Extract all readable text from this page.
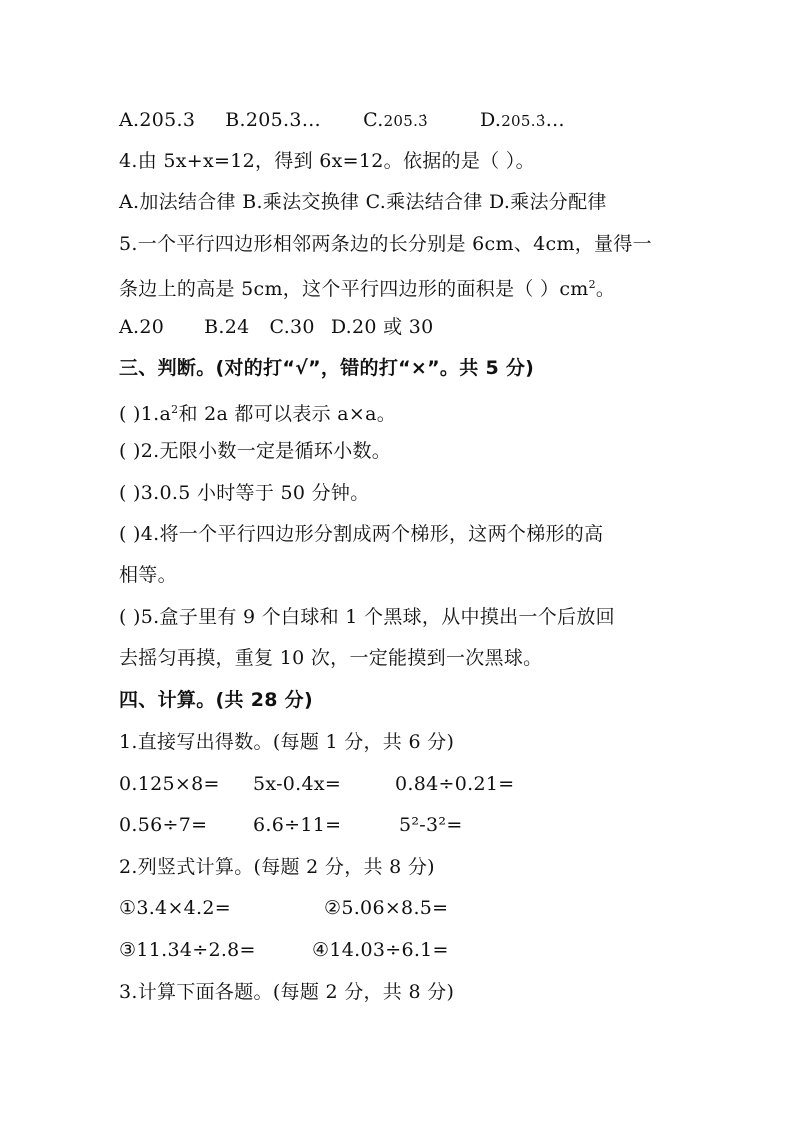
A.205.3 B.205.3… C.205.3	D.205.3…
4.由 5x+x=12，得到 6x=12。依据的是（ ）。
A.加法结合律 B.乘法交换律 C.乘法结合律 D.乘法分配律
5.一个平行四边形相邻两条边的长分别是 6cm、4cm，量得一
条边上的高是 5cm，这个平行四边形的面积是（ ）$cm^2$。
A.20 B.24 C.30 D.20 或 30
三、判断。(对的打“√”，错的打“×”。共 5 分)
( )$1.a^2$和 2a 都可以表示 a×a。
( )2.无限小数一定是循环小数。
( )3.0.5 小时等于 50 分钟。
( )4.将一个平行四边形分割成两个梯形，这两个梯形的高
相等。
( )5.盒子里有 9 个白球和 1 个黑球，从中摸出一个后放回
去摇匀再摸，重复 10 次，一定能摸到一次黑球。
四、计算。(共 28 分)
1.直接写出得数。(每题 1 分，共 6 分)
0.125×8= 5x-0.4x=	0.84÷0.21=
0.56÷7= 6.6÷11=	5²-3²=
2.列竖式计算。(每题 2 分，共 8 分)
①3.4×4.2=	②5.06×8.5=
③11.34÷2.8=	④14.03÷6.1=
3.计算下面各题。(每题 2 分，共 8 分)
